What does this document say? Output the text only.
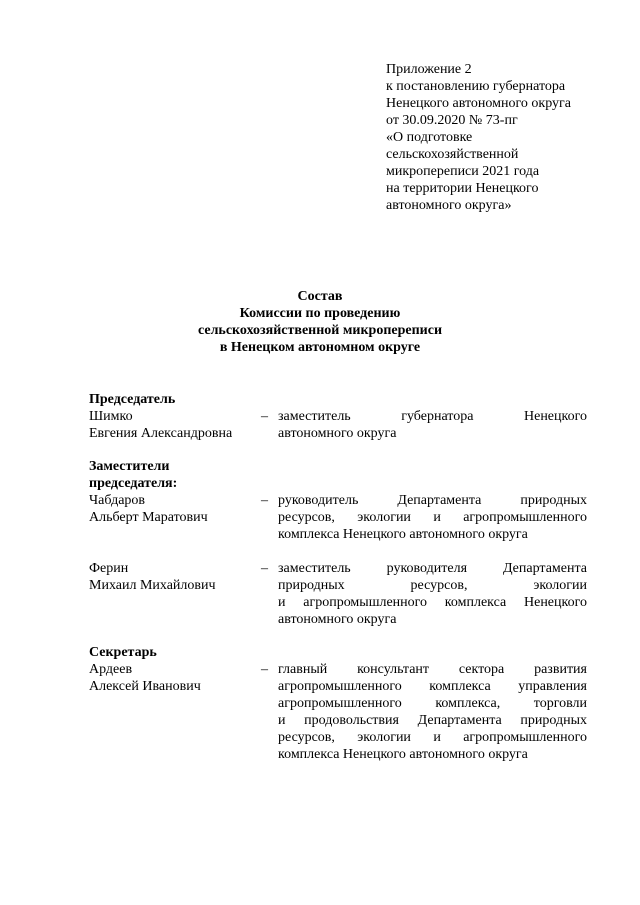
Приложение 2
к постановлению губернатора
Ненецкого автономного округа
от 30.09.2020 № 73-пг
«О подготовке
сельскохозяйственной
микропереписи 2021 года
на территории Ненецкого
автономного округа»
Состав
Комиссии по проведению
сельскохозяйственной микропереписи
в Ненецком автономном округе
Председатель
Шимко
Евгения Александровна
– заместитель губернатора Ненецкого
автономного округа
Заместители
председателя:
Чабдаров
Альберт Маратович
– руководитель Департамента природных
ресурсов, экологии и агропромышленного
комплекса Ненецкого автономного округа
Ферин
Михаил Михайлович
– заместитель руководителя Департамента
природных ресурсов, экологии
и агропромышленного комплекса Ненецкого
автономного округа
Секретарь
Ардеев
Алексей Иванович
– главный консультант сектора развития
агропромышленного комплекса управления
агропромышленного комплекса, торговли
и продовольствия Департамента природных
ресурсов, экологии и агропромышленного
комплекса Ненецкого автономного округа
